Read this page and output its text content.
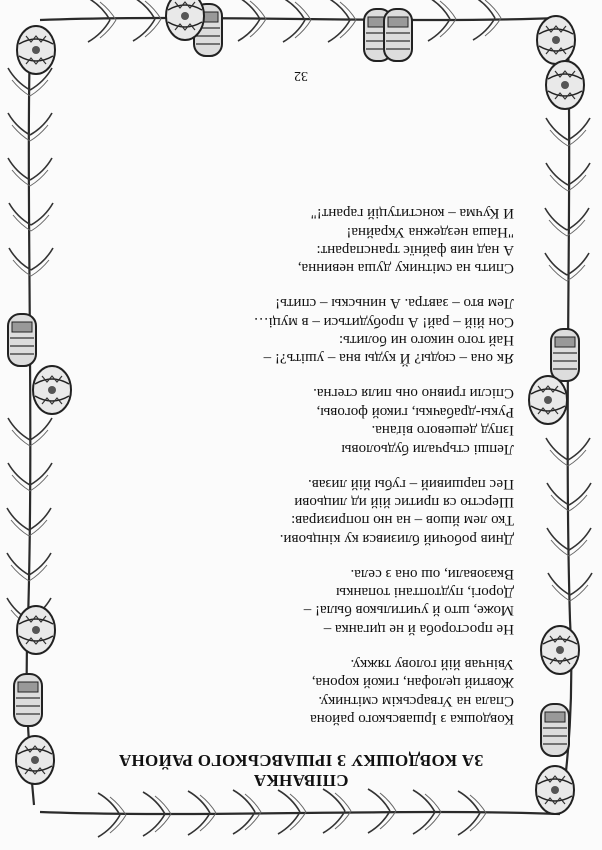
СПІВАНКА

ЗА КОВДОШКУ З ІРШАВСЬКОГО РАЙОНА

Ковдошка з Іршавського района
Спала на Угварськім смітнику.
Жовтий целофан, гикой корона,
Увінчав йiй голову тяжку.
Не простороба й не циганка –
Може, што й учитильков была! –
Дорогі, пудтоптані топанкы
Вказовали, ош она з села.
Днив робочий близився ку кінцьови.
Тко лем йшов – на ню попризирав:
Шерстю ся притис йiй ид лицьови
Пес паршивий – губы йiй лизав.
Лепші стьрчали будьоловы
Ізпуд дешевого віґана.
Рукы-драбачкы, гикой фоговы,
Спісли гривно онь пиля стегна.
Як она – сюды? Й куды вна – ушітъ?! –
Най того никого ни болить:
Сон йiй – рай! А пробудитьси – в муці…
Лем вто – завтра. А ниньскы – спить!
Спить на смітнику душа невинна,
А над нив файнïє транспарант:
"Наша нездежна Украйна!
И Кучма – конституцій гарант!"
32
